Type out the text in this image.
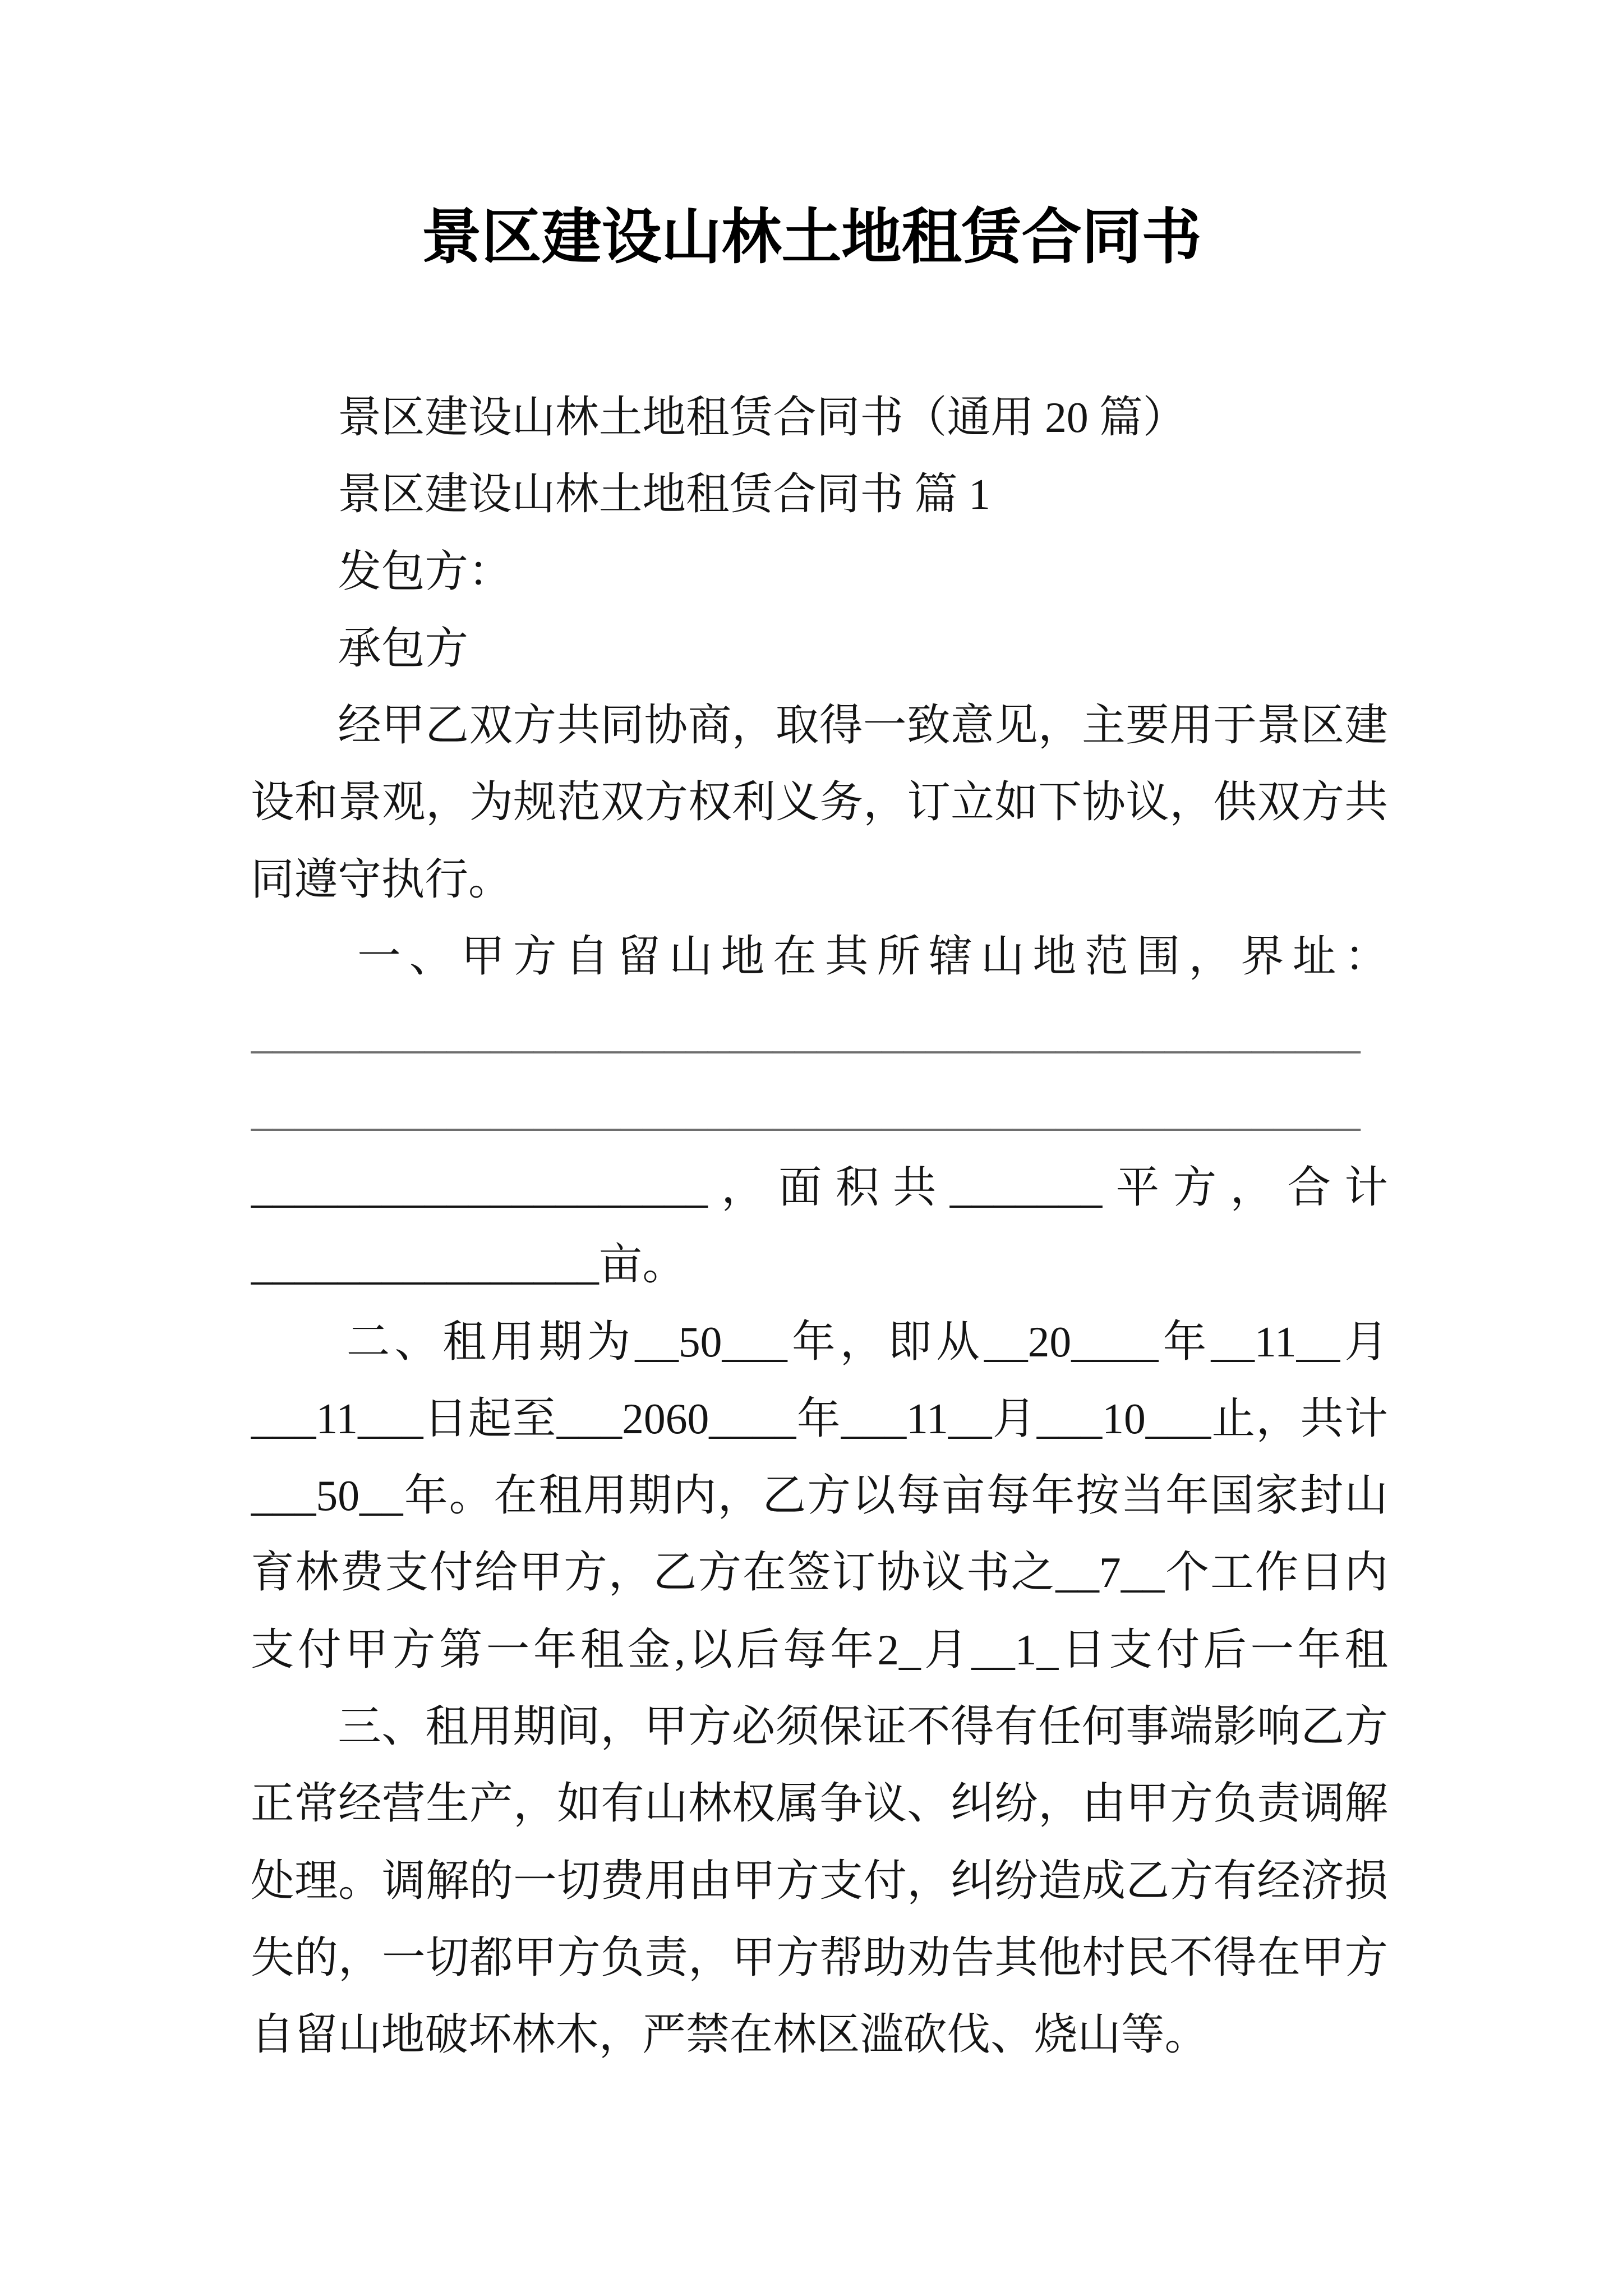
景区建设山林土地租赁合同书
景区建设山林土地租赁合同书（通用 20 篇）
景区建设山林土地租赁合同书 篇 1
发包方：
承包方
经甲乙双方共同协商，取得一致意见，主要用于景区建
设和景观，为规范双方权利义务，订立如下协议，供双方共
同遵守执行。
一、甲方自留山地在其所辖山地范围，界址：
___________________________________________________
___________________________________________________
_____________________，面积共_______平方，合计
________________亩。
二、租用期为__50___年，即从__20____年__11__月
___11___日起至___2060____年___11__月___10___止，共计
___50__年。在租用期内，乙方以每亩每年按当年国家封山
育林费支付给甲方，乙方在签订协议书之__7__个工作日内
支付甲方第一年租金,以后每年2_月__1_日支付后一年租
三、租用期间，甲方必须保证不得有任何事端影响乙方
正常经营生产，如有山林权属争议、纠纷，由甲方负责调解
处理。调解的一切费用由甲方支付，纠纷造成乙方有经济损
失的，一切都甲方负责，甲方帮助劝告其他村民不得在甲方
自留山地破坏林木，严禁在林区滥砍伐、烧山等。
